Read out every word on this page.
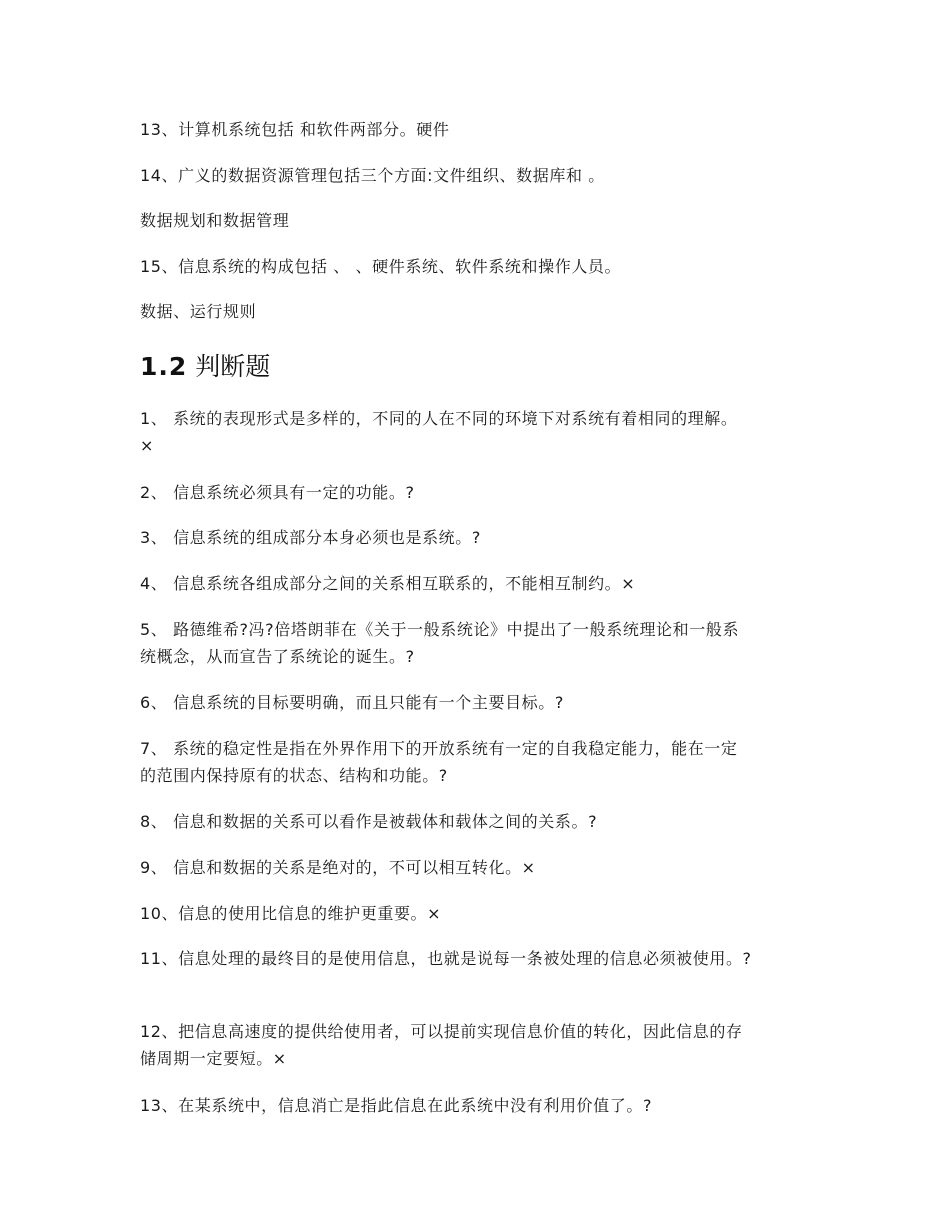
13、计算机系统包括 和软件两部分。硬件
14、广义的数据资源管理包括三个方面:文件组织、数据库和 。
数据规划和数据管理
15、信息系统的构成包括 、 、硬件系统、软件系统和操作人员。
数据、运行规则
1.2 判断题
1、 系统的表现形式是多样的，不同的人在不同的环境下对系统有着相同的理解。
×
2、 信息系统必须具有一定的功能。?
3、 信息系统的组成部分本身必须也是系统。?
4、 信息系统各组成部分之间的关系相互联系的，不能相互制约。×
5、 路德维希?冯?倍塔朗菲在《关于一般系统论》中提出了一般系统理论和一般系
统概念，从而宣告了系统论的诞生。?
6、 信息系统的目标要明确，而且只能有一个主要目标。?
7、 系统的稳定性是指在外界作用下的开放系统有一定的自我稳定能力，能在一定
的范围内保持原有的状态、结构和功能。?
8、 信息和数据的关系可以看作是被载体和载体之间的关系。?
9、 信息和数据的关系是绝对的，不可以相互转化。×
10、信息的使用比信息的维护更重要。×
11、信息处理的最终目的是使用信息，也就是说每一条被处理的信息必须被使用。?
12、把信息高速度的提供给使用者，可以提前实现信息价值的转化，因此信息的存
储周期一定要短。×
13、在某系统中，信息消亡是指此信息在此系统中没有利用价值了。?
